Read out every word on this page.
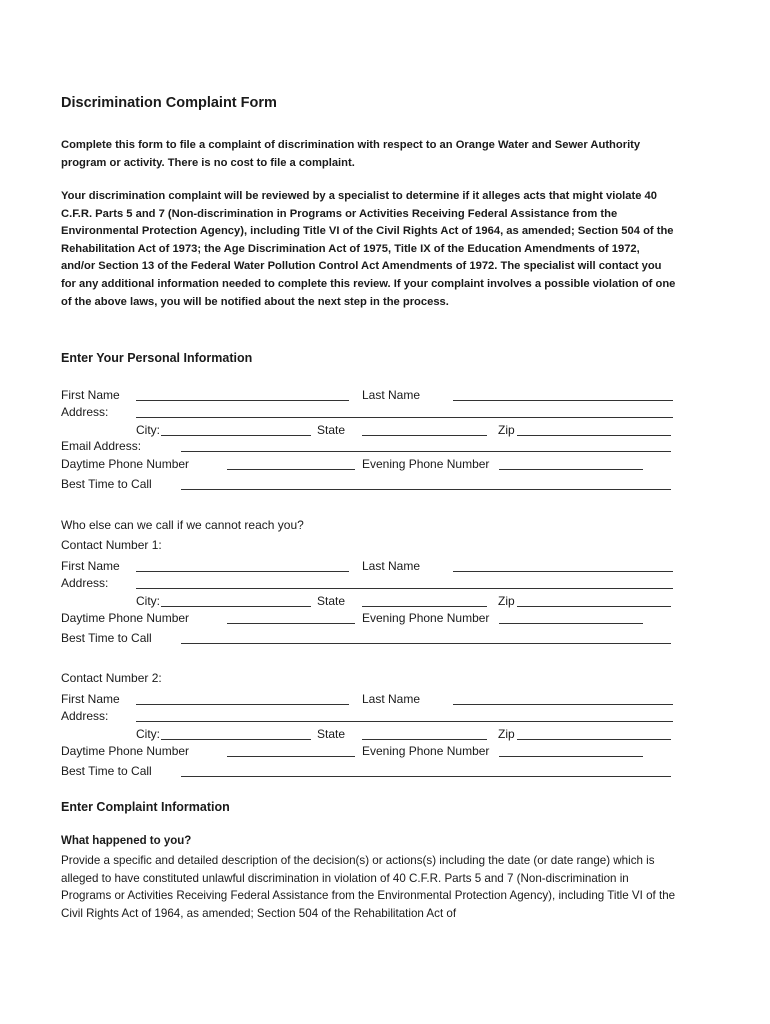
Discrimination Complaint Form
Complete this form to file a complaint of discrimination with respect to an Orange Water and Sewer Authority program or activity. There is no cost to file a complaint.
Your discrimination complaint will be reviewed by a specialist to determine if it alleges acts that might violate 40 C.F.R. Parts 5 and 7 (Non-discrimination in Programs or Activities Receiving Federal Assistance from the Environmental Protection Agency), including Title VI of the Civil Rights Act of 1964, as amended; Section 504 of the Rehabilitation Act of 1973; the Age Discrimination Act of 1975, Title IX of the Education Amendments of 1972, and/or Section 13 of the Federal Water Pollution Control Act Amendments of 1972. The specialist will contact you for any additional information needed to complete this review. If your complaint involves a possible violation of one of the above laws, you will be notified about the next step in the process.
Enter Your Personal Information
First Name	Last Name
Address:
City:	State	Zip
Email Address:
Daytime Phone Number	Evening Phone Number
Best Time to Call
Who else can we call if we cannot reach you?
Contact Number 1:
First Name	Last Name
Address:
City:	State	Zip
Daytime Phone Number	Evening Phone Number
Best Time to Call
Contact Number 2:
First Name	Last Name
Address:
City:	State	Zip
Daytime Phone Number	Evening Phone Number
Best Time to Call
Enter Complaint Information
What happened to you?
Provide a specific and detailed description of the decision(s) or actions(s) including the date (or date range) which is alleged to have constituted unlawful discrimination in violation of 40 C.F.R. Parts 5 and 7 (Non-discrimination in Programs or Activities Receiving Federal Assistance from the Environmental Protection Agency), including Title VI of the Civil Rights Act of 1964, as amended; Section 504 of the Rehabilitation Act of
